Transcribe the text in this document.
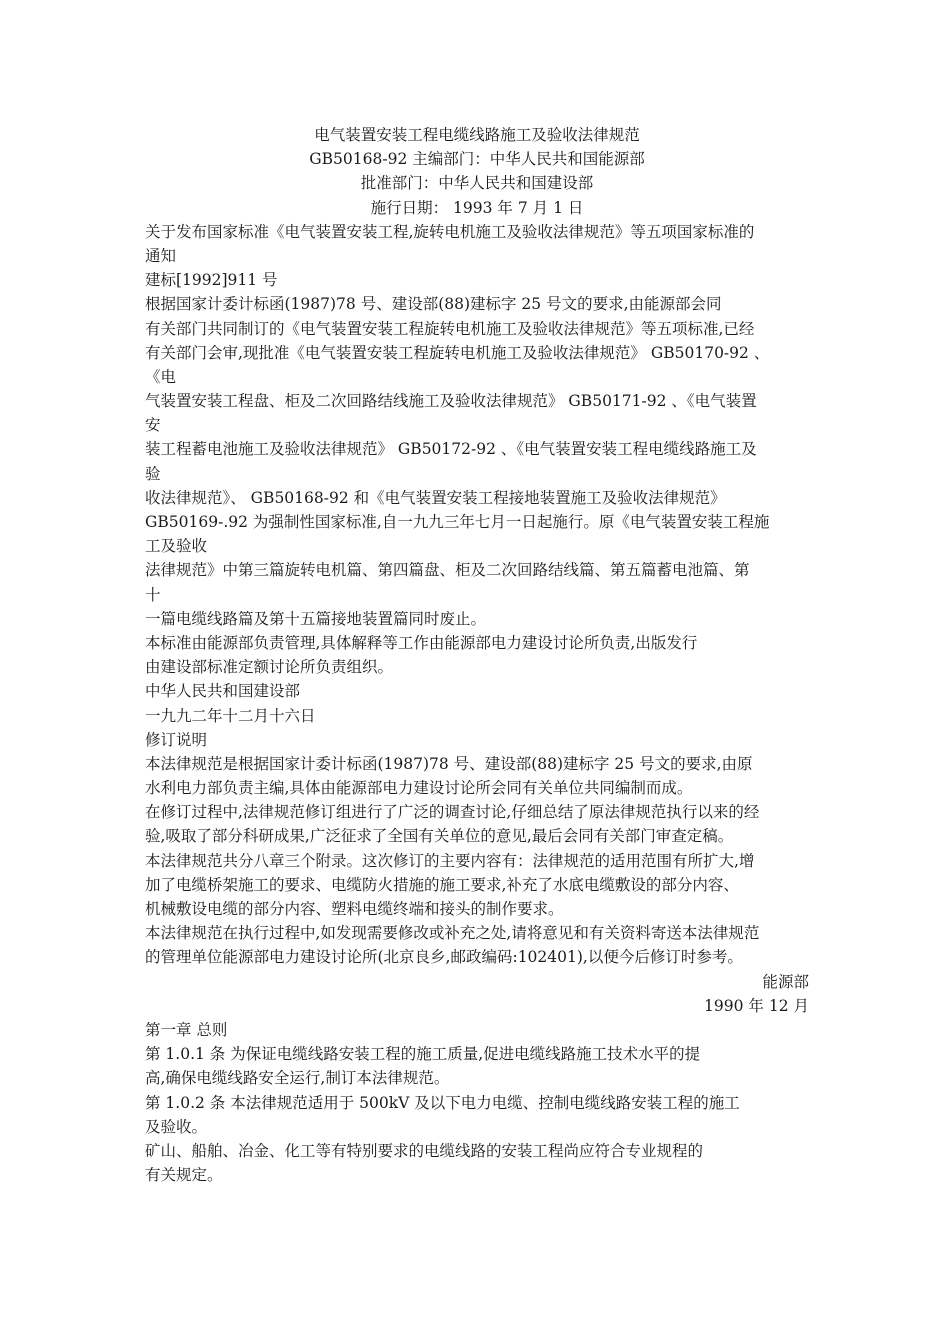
电气装置安装工程电缆线路施工及验收法律规范
GB50168-92 主编部门：中华人民共和国能源部
批准部门：中华人民共和国建设部
施行日期： 1993 年 7 月 1 日
关于发布国家标准《电气装置安装工程,旋转电机施工及验收法律规范》等五项国家标准的
通知
建标[1992]911 号
根据国家计委计标函(1987)78 号、建设部(88)建标字 25 号文的要求,由能源部会同
有关部门共同制订的《电气装置安装工程旋转电机施工及验收法律规范》等五项标准,已经
有关部门会审,现批准《电气装置安装工程旋转电机施工及验收法律规范》 GB50170-92 、
《电
气装置安装工程盘、柜及二次回路结线施工及验收法律规范》 GB50171-92 、《电气装置
安
装工程蓄电池施工及验收法律规范》 GB50172-92 、《电气装置安装工程电缆线路施工及
验
收法律规范》、 GB50168-92 和《电气装置安装工程接地装置施工及验收法律规范》
GB50169-.92 为强制性国家标准,自一九九三年七月一日起施行。原《电气装置安装工程施
工及验收
法律规范》中第三篇旋转电机篇、第四篇盘、柜及二次回路结线篇、第五篇蓄电池篇、第
十
一篇电缆线路篇及第十五篇接地装置篇同时废止。
本标准由能源部负责管理,具体解释等工作由能源部电力建设讨论所负责,出版发行
由建设部标准定额讨论所负责组织。
中华人民共和国建设部
一九九二年十二月十六日
修订说明
本法律规范是根据国家计委计标函(1987)78 号、建设部(88)建标字 25 号文的要求,由原
水利电力部负责主编,具体由能源部电力建设讨论所会同有关单位共同编制而成。
在修订过程中,法律规范修订组进行了广泛的调查讨论,仔细总结了原法律规范执行以来的经
验,吸取了部分科研成果,广泛征求了全国有关单位的意见,最后会同有关部门审查定稿。
本法律规范共分八章三个附录。这次修订的主要内容有：法律规范的适用范围有所扩大,增
加了电缆桥架施工的要求、电缆防火措施的施工要求,补充了水底电缆敷设的部分内容、
机械敷设电缆的部分内容、塑料电缆终端和接头的制作要求。
本法律规范在执行过程中,如发现需要修改或补充之处,请将意见和有关资料寄送本法律规范
的管理单位能源部电力建设讨论所(北京良乡,邮政编码:102401),以便今后修订时参考。
能源部
1990 年 12 月
第一章 总则
第 1.0.1 条 为保证电缆线路安装工程的施工质量,促进电缆线路施工技术水平的提
高,确保电缆线路安全运行,制订本法律规范。
第 1.0.2 条 本法律规范适用于 500kV 及以下电力电缆、控制电缆线路安装工程的施工
及验收。
矿山、船舶、冶金、化工等有特别要求的电缆线路的安装工程尚应符合专业规程的
有关规定。
